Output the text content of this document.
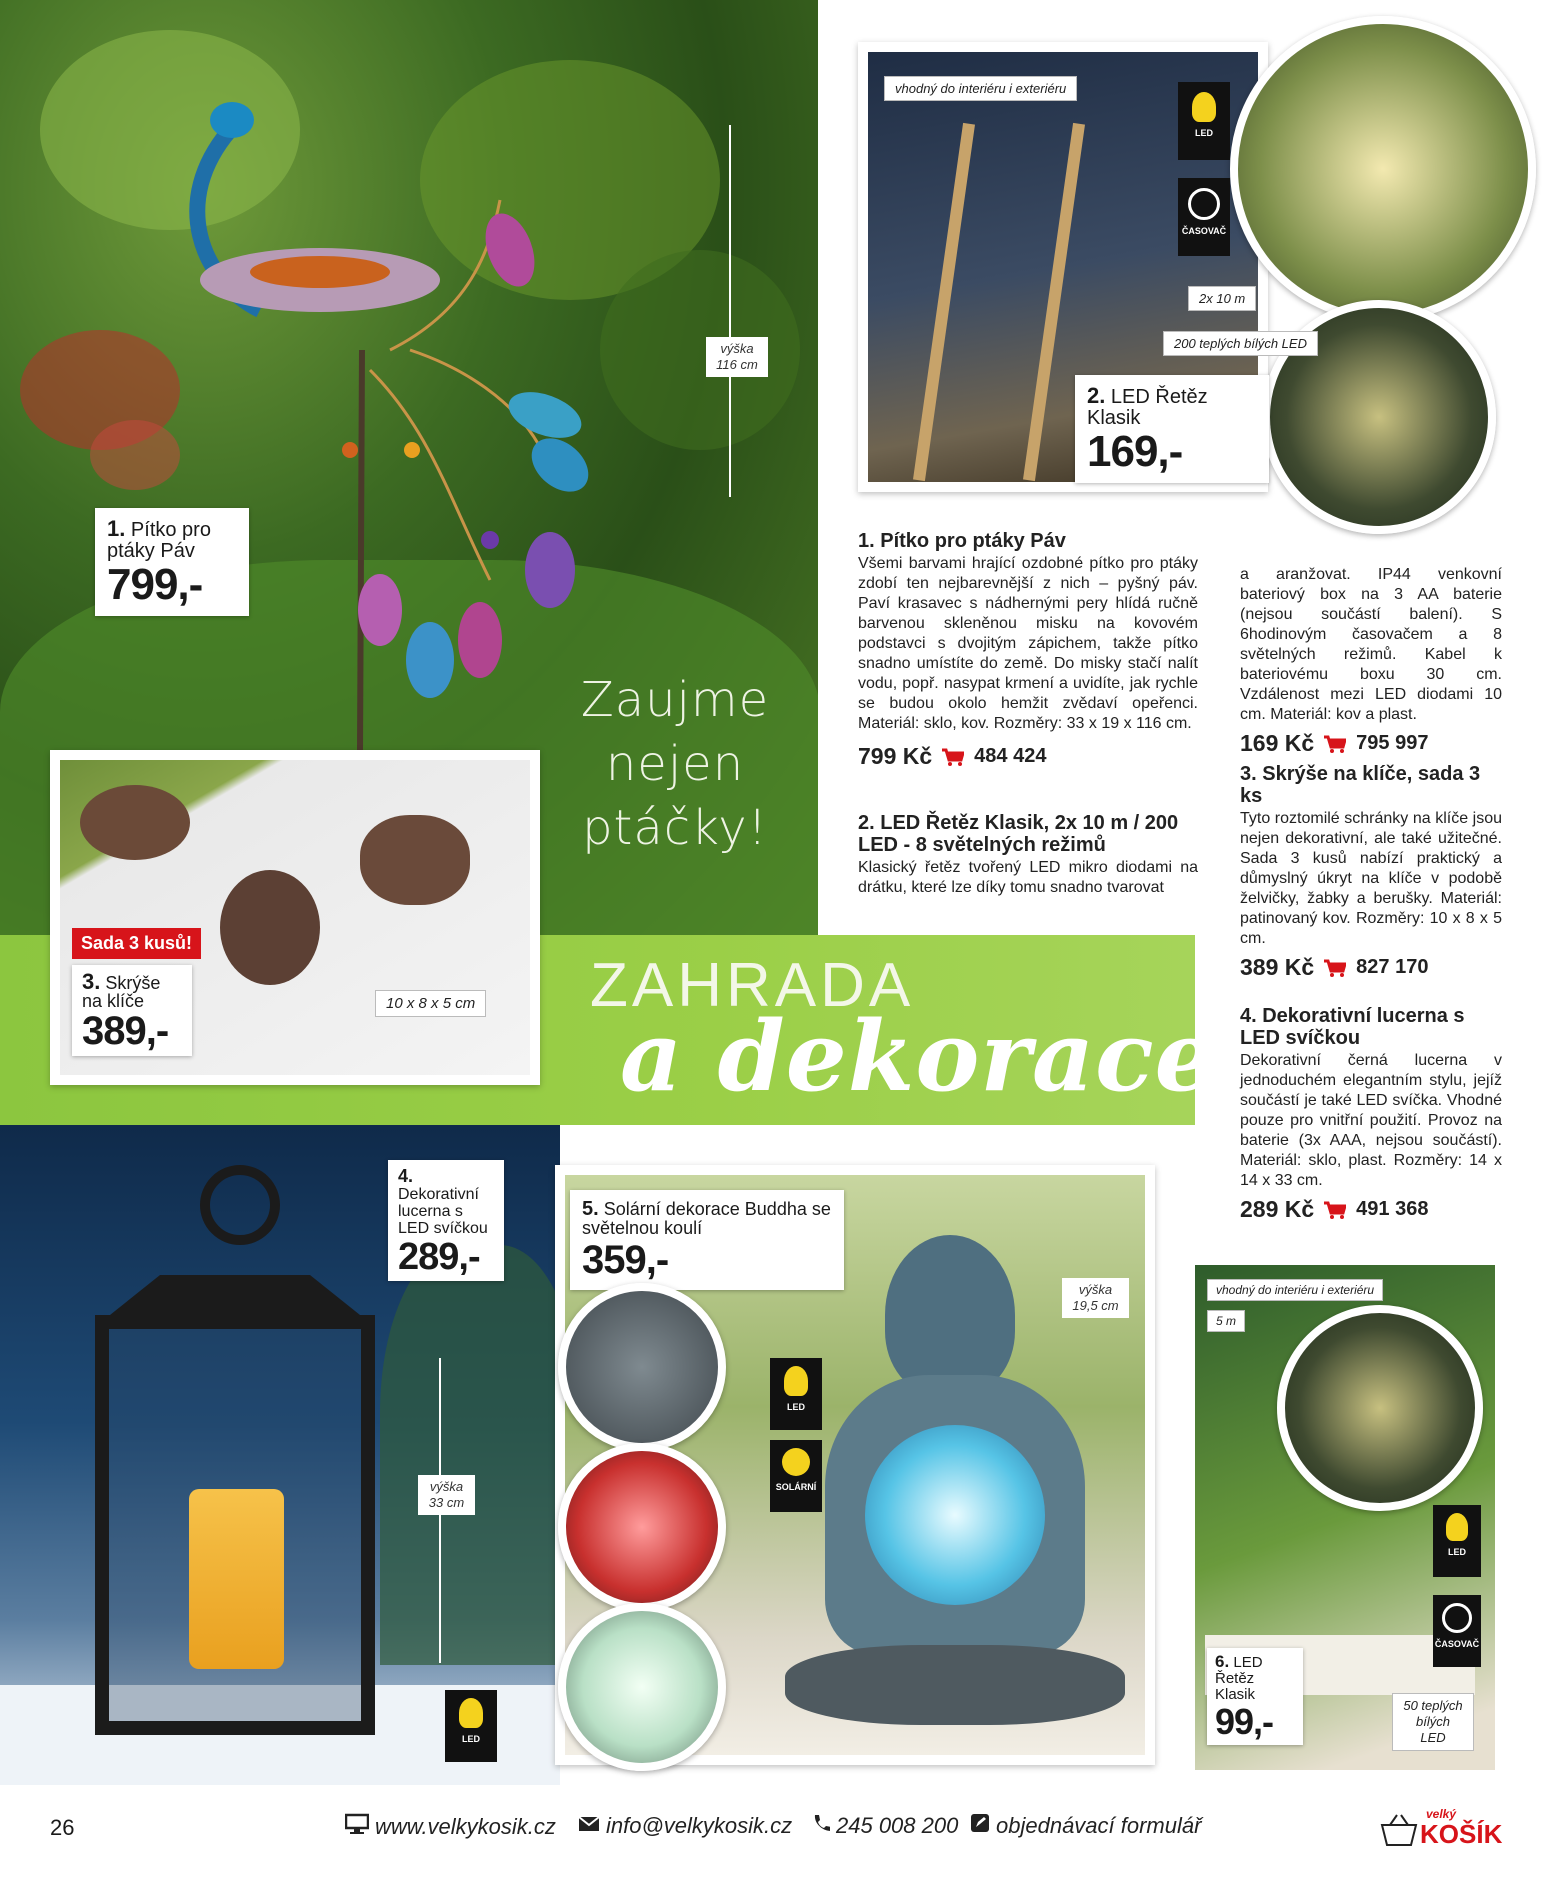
výška 116 cm
1. Pítko pro ptáky Páv
799,-
Zaujme
nejen
ptáčky!
ZAHRADA
a dekorace
Sada 3 kusů!
3. Skrýše na klíče
389,-
10 x 8 x 5 cm
vhodný do interiéru i exteriéru
LED
ČASOVAČ
2x 10 m
200 teplých bílých LED
2. LED Řetěz Klasik
169,-
1. Pítko pro ptáky Páv
Všemi barvami hrající ozdobné pítko pro ptáky zdobí ten nejbarevnější z nich – pyšný páv. Paví krasavec s nádhernými pery hlídá ručně barvenou skleněnou misku na kovovém podstavci s dvojitým zápichem, takže pítko snadno umístíte do země. Do misky stačí nalít vodu, popř. nasypat krmení a uvidíte, jak rychle se budou okolo hemžit zvědaví opeřenci. Materiál: sklo, kov. Rozměry: 33 x 19 x 116 cm.
799 Kč 484 424
2. LED Řetěz Klasik, 2x 10 m / 200 LED - 8 světelných režimů
Klasický řetěz tvořený LED mikro diodami na drátku, které lze díky tomu snadno tvarovat
a aranžovat. IP44 venkovní bateriový box na 3 AA baterie (nejsou součástí balení). S 6hodinovým časovačem a 8 světelných režimů. Kabel k bateriovému boxu 30 cm. Vzdálenost mezi LED diodami 10 cm. Materiál: kov a plast.
169 Kč 795 997
3. Skrýše na klíče, sada 3 ks
Tyto roztomilé schránky na klíče jsou nejen dekorativní, ale také užitečné. Sada 3 kusů nabízí praktický a důmyslný úkryt na klíče v podobě želvičky, žabky a berušky. Materiál: patinovaný kov. Rozměry: 10 x 8 x 5 cm.
389 Kč 827 170
4. Dekorativní lucerna s LED svíčkou
Dekorativní černá lucerna v jednoduchém elegantním stylu, jejíž součástí je také LED svíčka. Vhodné pouze pro vnitřní použití. Provoz na baterie (3x AAA, nejsou součástí). Materiál: sklo, plast. Rozměry: 14 x 14 x 33 cm.
289 Kč 491 368
výška 33 cm
LED
4. Dekorativní lucerna s LED svíčkou
289,-
5. Solární dekorace Buddha se světelnou koulí
359,-
LED
SOLÁRNÍ
výška 19,5 cm
vhodný do interiéru i exteriéru
5 m
LED
ČASOVAČ
6. LED Řetěz Klasik
99,-	50 teplých bílých LED
26	www.velkykosik.cz info@velkykosik.cz 245 008 200 objednávací formulář	velký
KOŠÍK
